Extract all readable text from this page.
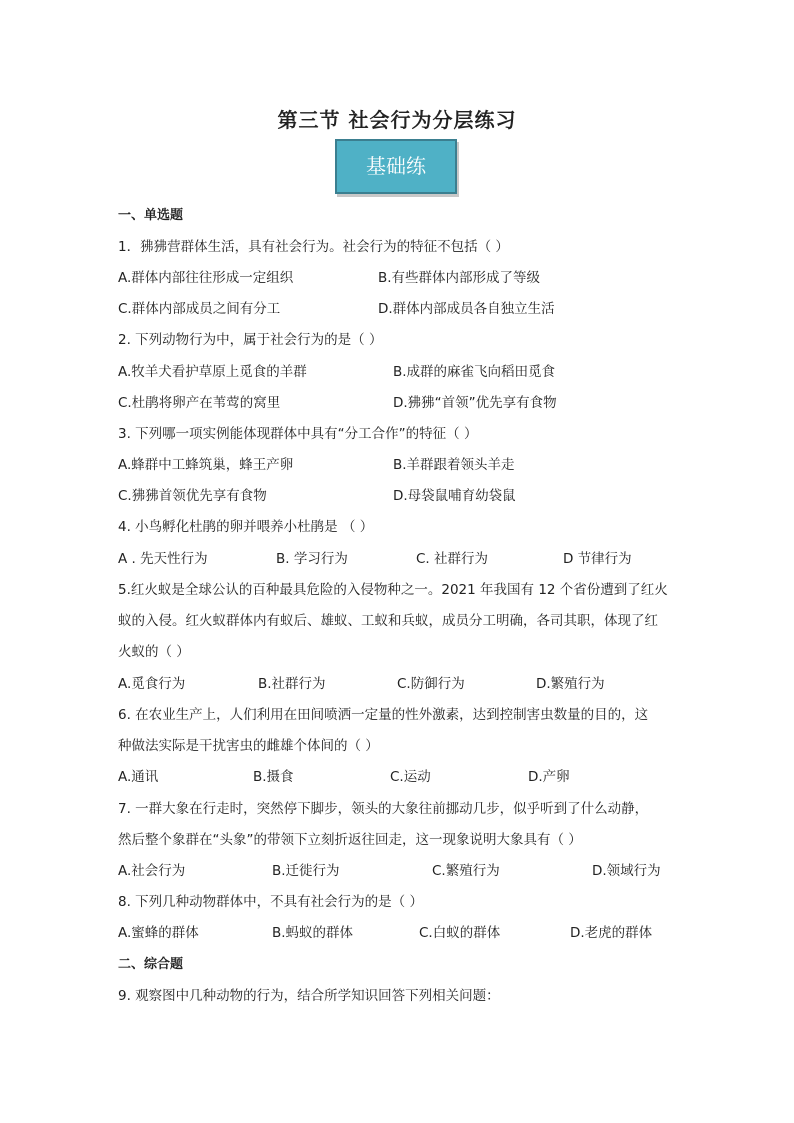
第三节 社会行为分层练习
基础练
一、单选题
1．狒狒营群体生活，具有社会行为。社会行为的特征不包括（ ）
A.群体内部往往形成一定组织	B.有些群体内部形成了等级
C.群体内部成员之间有分工	D.群体内部成员各自独立生活
2. 下列动物行为中，属于社会行为的是（ ）
A.牧羊犬看护草原上觅食的羊群	B.成群的麻雀飞向稻田觅食
C.杜鹃将卵产在苇莺的窝里	D.狒狒“首领”优先享有食物
3. 下列哪一项实例能体现群体中具有“分工合作”的特征（ ）
A.蜂群中工蜂筑巢，蜂王产卵	B.羊群跟着领头羊走
C.狒狒首领优先享有食物	D.母袋鼠哺育幼袋鼠
4. 小鸟孵化杜鹃的卵并喂养小杜鹃是 （ ）
A . 先天性行为	B. 学习行为	C. 社群行为	D 节律行为
5.红火蚁是全球公认的百种最具危险的入侵物种之一。2021 年我国有 12 个省份遭到了红火
蚁的入侵。红火蚁群体内有蚁后、雄蚁、工蚁和兵蚁，成员分工明确，各司其职，体现了红
火蚁的（ ）
A.觅食行为	B.社群行为	C.防御行为	D.繁殖行为
6. 在农业生产上，人们利用在田间喷洒一定量的性外激素，达到控制害虫数量的目的，这
种做法实际是干扰害虫的雌雄个体间的（ ）
A.通讯	B.摄食	C.运动	D.产卵
7. 一群大象在行走时，突然停下脚步，领头的大象往前挪动几步，似乎听到了什么动静，
然后整个象群在“头象”的带领下立刻折返往回走，这一现象说明大象具有（ ）
A.社会行为	B.迁徙行为	C.繁殖行为	D.领域行为
8. 下列几种动物群体中，不具有社会行为的是（ ）
A.蜜蜂的群体	B.蚂蚁的群体	C.白蚁的群体	D.老虎的群体
二、综合题
9. 观察图中几种动物的行为，结合所学知识回答下列相关问题：
